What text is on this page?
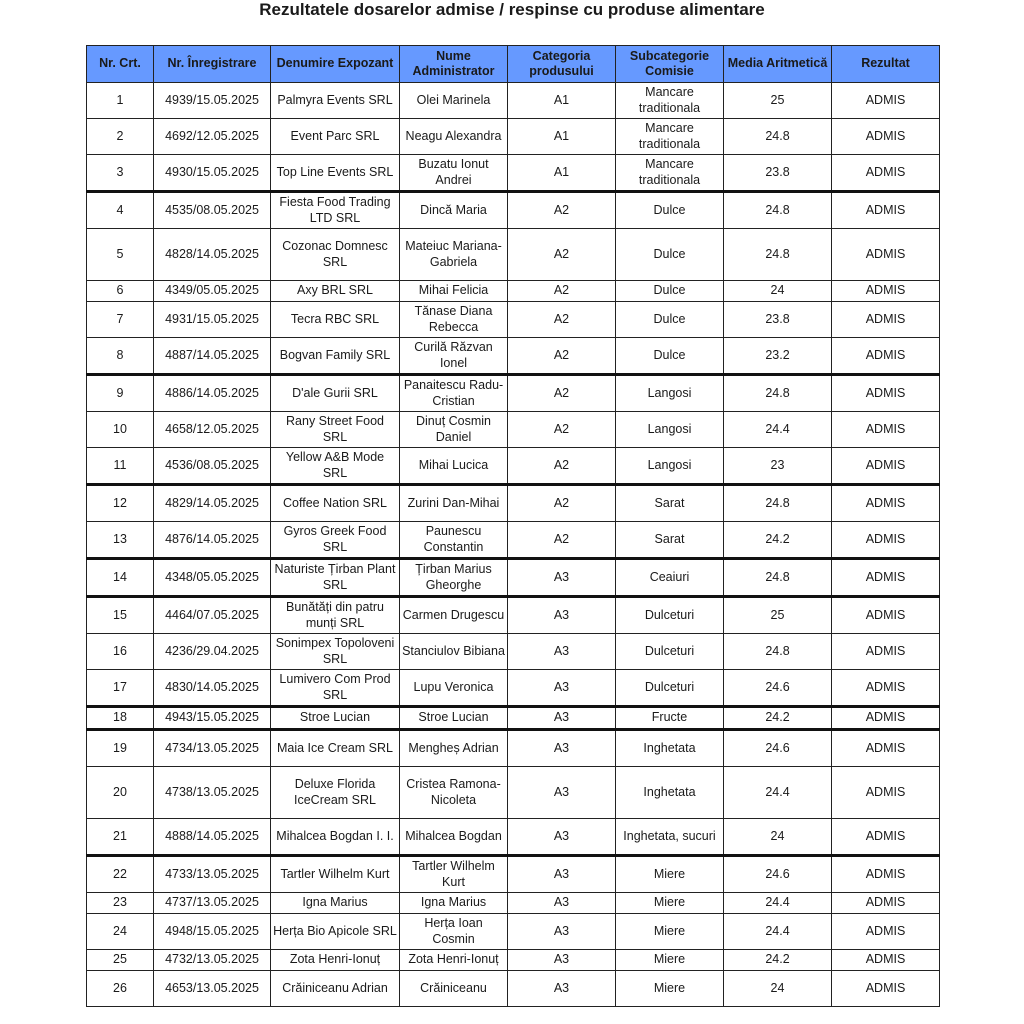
Rezultatele dosarelor admise / respinse cu produse alimentare
Nr. Crt.	Nr. Înregistrare	Denumire Expozant	Nume Administrator	Categoria produsului	Subcategorie Comisie	Media Aritmetică	Rezultat
1	4939/15.05.2025	Palmyra Events SRL	Olei Marinela	A1	Mancare traditionala	25	ADMIS
2	4692/12.05.2025	Event Parc SRL	Neagu Alexandra	A1	Mancare traditionala	24.8	ADMIS
3	4930/15.05.2025	Top Line Events SRL	Buzatu Ionut Andrei	A1	Mancare traditionala	23.8	ADMIS
4	4535/08.05.2025	Fiesta Food Trading LTD SRL	Dincă Maria	A2	Dulce	24.8	ADMIS
5	4828/14.05.2025	Cozonac Domnesc SRL	Mateiuc Mariana-Gabriela	A2	Dulce	24.8	ADMIS
6	4349/05.05.2025	Axy BRL SRL	Mihai Felicia	A2	Dulce	24	ADMIS
7	4931/15.05.2025	Tecra RBC SRL	Tănase Diana Rebecca	A2	Dulce	23.8	ADMIS
8	4887/14.05.2025	Bogvan Family SRL	Curilă Răzvan Ionel	A2	Dulce	23.2	ADMIS
9	4886/14.05.2025	D'ale Gurii SRL	Panaitescu Radu-Cristian	A2	Langosi	24.8	ADMIS
10	4658/12.05.2025	Rany Street Food SRL	Dinuț Cosmin Daniel	A2	Langosi	24.4	ADMIS
11	4536/08.05.2025	Yellow A&B Mode SRL	Mihai Lucica	A2	Langosi	23	ADMIS
12	4829/14.05.2025	Coffee Nation SRL	Zurini Dan-Mihai	A2	Sarat	24.8	ADMIS
13	4876/14.05.2025	Gyros Greek Food SRL	Paunescu Constantin	A2	Sarat	24.2	ADMIS
14	4348/05.05.2025	Naturiste Țirban Plant SRL	Țirban Marius Gheorghe	A3	Ceaiuri	24.8	ADMIS
15	4464/07.05.2025	Bunătăți din patru munți SRL	Carmen Drugescu	A3	Dulceturi	25	ADMIS
16	4236/29.04.2025	Sonimpex Topoloveni SRL	Stanciulov Bibiana	A3	Dulceturi	24.8	ADMIS
17	4830/14.05.2025	Lumivero Com Prod SRL	Lupu Veronica	A3	Dulceturi	24.6	ADMIS
18	4943/15.05.2025	Stroe Lucian	Stroe Lucian	A3	Fructe	24.2	ADMIS
19	4734/13.05.2025	Maia Ice Cream SRL	Mengheș Adrian	A3	Inghetata	24.6	ADMIS
20	4738/13.05.2025	Deluxe Florida IceCream SRL	Cristea Ramona-Nicoleta	A3	Inghetata	24.4	ADMIS
21	4888/14.05.2025	Mihalcea Bogdan I. I.	Mihalcea Bogdan	A3	Inghetata, sucuri	24	ADMIS
22	4733/13.05.2025	Tartler Wilhelm Kurt	Tartler Wilhelm Kurt	A3	Miere	24.6	ADMIS
23	4737/13.05.2025	Igna Marius	Igna Marius	A3	Miere	24.4	ADMIS
24	4948/15.05.2025	Herța Bio Apicole SRL	Herța Ioan Cosmin	A3	Miere	24.4	ADMIS
25	4732/13.05.2025	Zota Henri-Ionuț	Zota Henri-Ionuț	A3	Miere	24.2	ADMIS
26	4653/13.05.2025	Crăiniceanu Adrian	Crăiniceanu	A3	Miere	24	ADMIS
